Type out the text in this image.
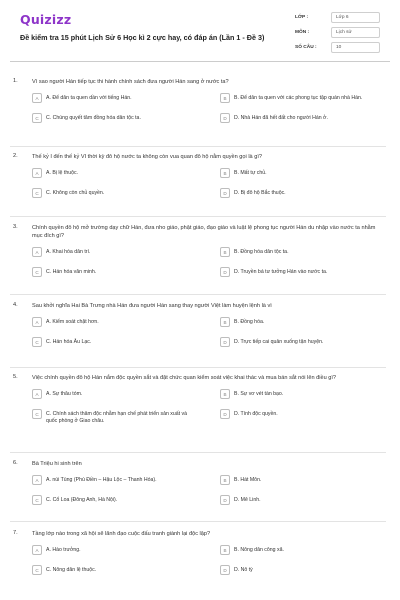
Quizizz
Đề kiểm tra 15 phút Lịch Sử 6 Học kì 2 cực hay, có đáp án (Lần 1 - Đề 3)
LỚP :	Lớp 6
MÔN :	Lịch sử
SỐ CÂU :	10
1.	Vì sao người Hán tiếp tục thi hành chính sách đưa người Hán sang ở nước ta?
A	A. Để dân ta quen dần với tiếng Hán.	B	B. Để dân ta quen với các phong tục tập quán nhà Hán.
C	C. Chúng quyết tâm đồng hóa dân tộc ta.	D	D. Nhà Hán đã hết đất cho người Hán ở.
2.	Thế kỷ I đến thế kỷ VI thời kỳ đô hộ nước ta không còn vua quan đô hộ nằm quyền gọi là gì?
A	A. Bị lệ thuộc.	B	B. Mất tự chủ.
C	C. Không còn chủ quyền.	D	D. Bị đô hộ Bắc thuộc.
3.	Chính quyền đô hộ mở trường dạy chữ Hán, đưa nho giáo, phật giáo, đạo giáo và luật lệ phong tục người Hán du nhập vào nước ta nhằm mục đích gì?
A	A. Khai hóa dân trí.	B	B. Đồng hóa dân tộc ta.
C	C. Hán hóa văn minh.	D	D. Truyền bá tư tưởng Hán vào nước ta.
4.	Sau khởi nghĩa Hai Bà Trưng nhà Hán đưa người Hán sang thay người Việt làm huyện lệnh là vì
A	A. Kiểm soát chặt hơn.	B	B. Đồng hóa.
C	C. Hán hóa Âu Lạc.	D	D. Trực tiếp cai quản xuống tận huyện.
5.	Việc chính quyền đô hộ Hán nắm độc quyền sắt và đặt chức quan kiểm soát việc khai thác và mua bán sắt nói lên điều gì?
A	A. Sự thâu tóm.	B	B. Sự vơ vét tàn bạo.
C	C. Chính sách thâm độc nhằm hạn chế phát triển sản xuất và quốc phòng ở Giao châu.
D	D. Tính độc quyền.
6.	Bà Triệu hi sinh trên
A	A. núi Tùng (Phú Điền – Hậu Lộc – Thanh Hóa).	B	B. Hát Môn.
C	C. Cổ Loa (Đông Anh, Hà Nội).	D	D. Mê Linh.
7.	Tầng lớp nào trong xã hội sẽ lãnh đạo cuộc đấu tranh giành lại độc lập?
A	A. Hào trưởng.	B	B. Nông dân công xã.
C	C. Nông dân lệ thuộc.	D	D. Nô tỳ
